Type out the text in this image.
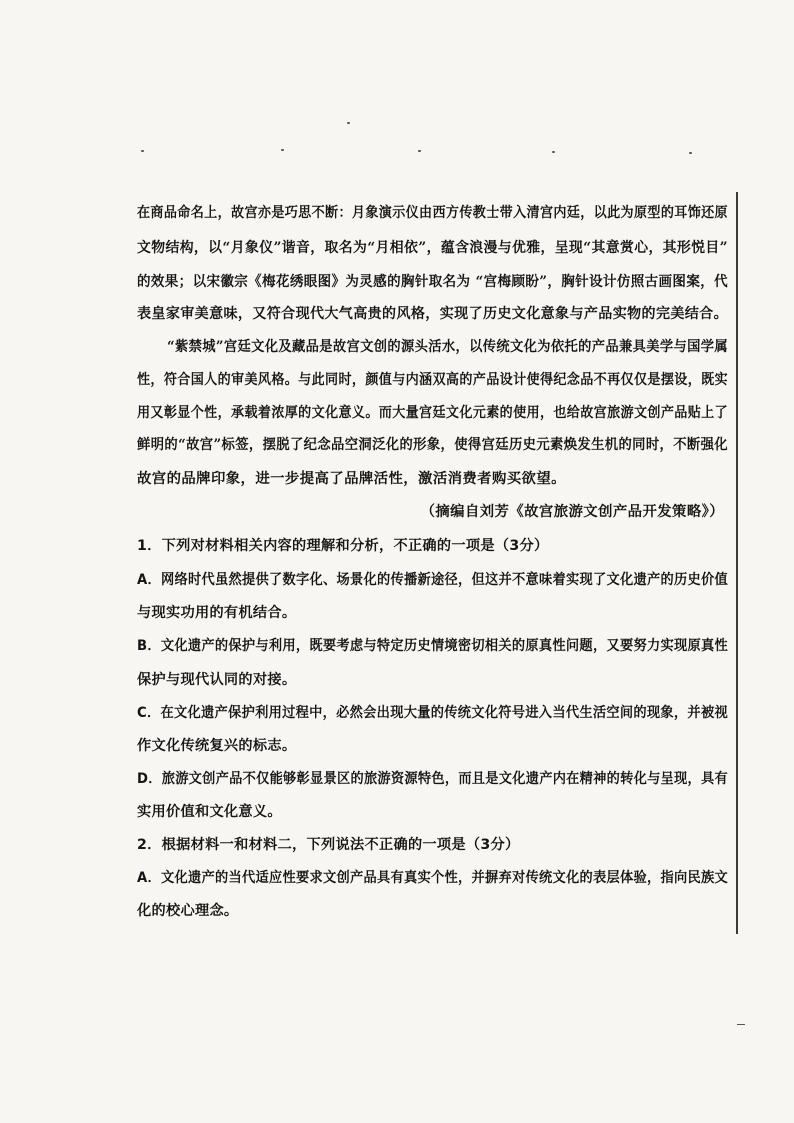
在商品命名上，故宫亦是巧思不断：月象演示仪由西方传教士带入清宫内廷，以此为原型的耳饰还原

文物结构，以“月象仪”谐音，取名为“月相依”，蕴含浪漫与优雅，呈现“其意赏心，其形悦目”

的效果；以宋徽宗《梅花绣眼图》为灵感的胸针取名为 “宫梅顾盼”，胸针设计仿照古画图案，代

表皇家审美意味，又符合现代大气高贵的风格，实现了历史文化意象与产品实物的完美结合。

“紫禁城”宫廷文化及藏品是故宫文创的源头活水，以传统文化为依托的产品兼具美学与国学属

性，符合国人的审美风格。与此同时，颜值与内涵双高的产品设计使得纪念品不再仅仅是摆设，既实

用又彰显个性，承载着浓厚的文化意义。而大量宫廷文化元素的使用，也给故宫旅游文创产品贴上了

鲜明的“故宫”标签，摆脱了纪念品空洞泛化的形象，使得宫廷历史元素焕发生机的同时，不断强化

故宫的品牌印象，进一步提高了品牌活性，激活消费者购买欲望。

（摘编自刘芳《故宫旅游文创产品开发策略》）

1．下列对材料相关内容的理解和分析，不正确的一项是（3分）

A．网络时代虽然提供了数字化、场景化的传播新途径，但这并不意味着实现了文化遗产的历史价值

与现实功用的有机结合。

B．文化遗产的保护与利用，既要考虑与特定历史情境密切相关的原真性问题，又要努力实现原真性

保护与现代认同的对接。

C．在文化遗产保护利用过程中，必然会出现大量的传统文化符号进入当代生活空间的现象，并被视

作文化传统复兴的标志。

D．旅游文创产品不仅能够彰显景区的旅游资源特色，而且是文化遗产内在精神的转化与呈现，具有

实用价值和文化意义。

2．根据材料一和材料二，下列说法不正确的一项是（3分）

A．文化遗产的当代适应性要求文创产品具有真实个性，并摒弃对传统文化的表层体验，指向民族文

化的校心理念。
